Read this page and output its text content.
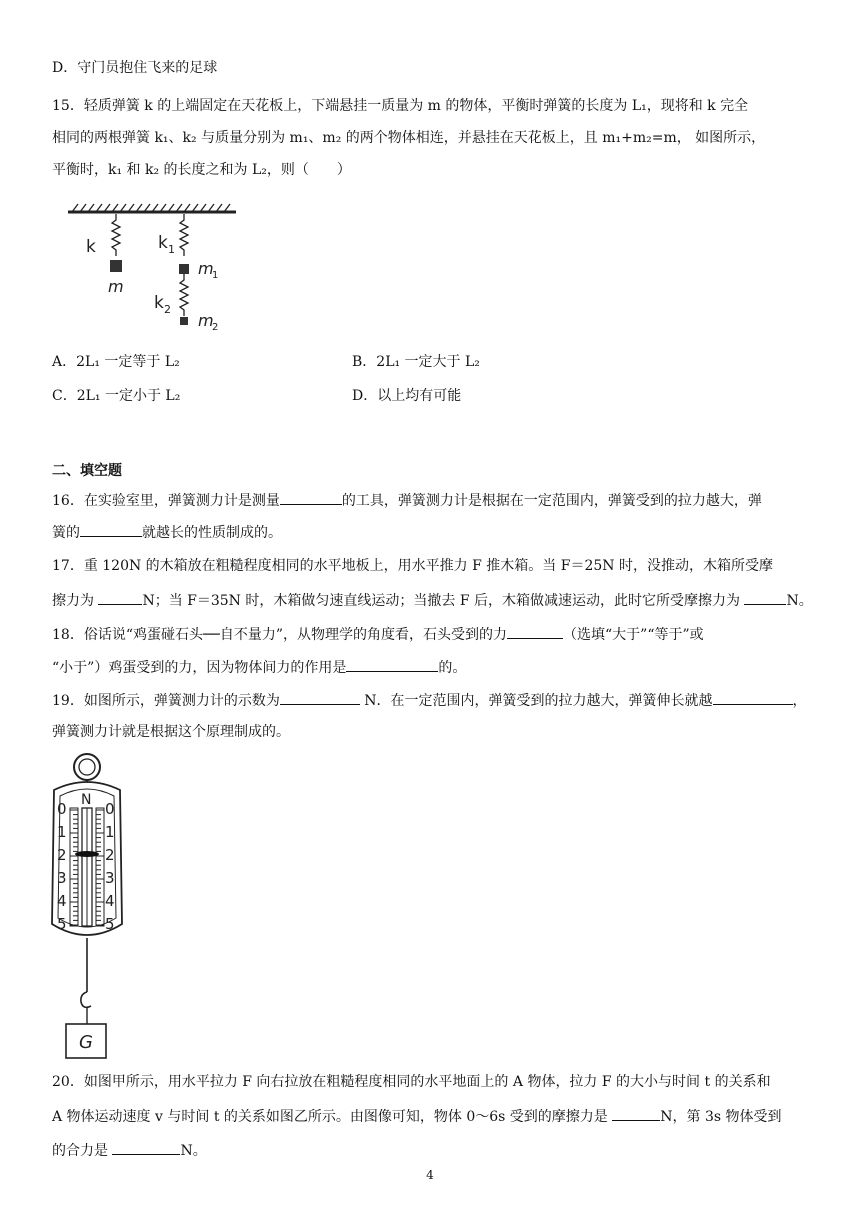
D．守门员抱住飞来的足球
15．轻质弹簧 k 的上端固定在天花板上，下端悬挂一质量为 m 的物体，平衡时弹簧的长度为 L₁，现将和 k 完全
相同的两根弹簧 k₁、k₂ 与质量分别为 m₁、m₂ 的两个物体相连，并悬挂在天花板上，且 m₁+m₂=m， 如图所示，
平衡时，k₁ 和 k₂ 的长度之和为 L₂，则（　　）
k
m
k 1
m
1
k 2
m
2
A．2L₁ 一定等于 L₂	B．2L₁ 一定大于 L₂
C．2L₁ 一定小于 L₂	D．以上均有可能
二、填空题
16．在实验室里，弹簧测力计是测量	的工具，弹簧测力计是根据在一定范围内，弹簧受到的拉力越大，弹
簧的	就越长的性质制成的。
17．重 120N 的木箱放在粗糙程度相同的水平地板上，用水平推力 F 推木箱。当 F＝25N 时，没推动，木箱所受摩
擦力为	N；当 F＝35N 时，木箱做匀速直线运动；当撤去 F 后，木箱做减速运动，此时它所受摩擦力为	N。
18．俗话说“鸡蛋碰石头──自不量力”，从物理学的角度看，石头受到的力	（选填“大于”“等于”或
“小于”）鸡蛋受到的力，因为物体间力的作用是	的。
19．如图所示，弹簧测力计的示数为	N．在一定范围内，弹簧受到的拉力越大，弹簧伸长就越	，
弹簧测力计就是根据这个原理制成的。
N
0
1
2
3
4
5
0
1
2
3
4
5
G
20．如图甲所示，用水平拉力 F 向右拉放在粗糙程度相同的水平地面上的 A 物体，拉力 F 的大小与时间 t 的关系和
A 物体运动速度 v 与时间 t 的关系如图乙所示。由图像可知，物体 0～6s 受到的摩擦力是	N，第 3s 物体受到
的合力是	N。
4
